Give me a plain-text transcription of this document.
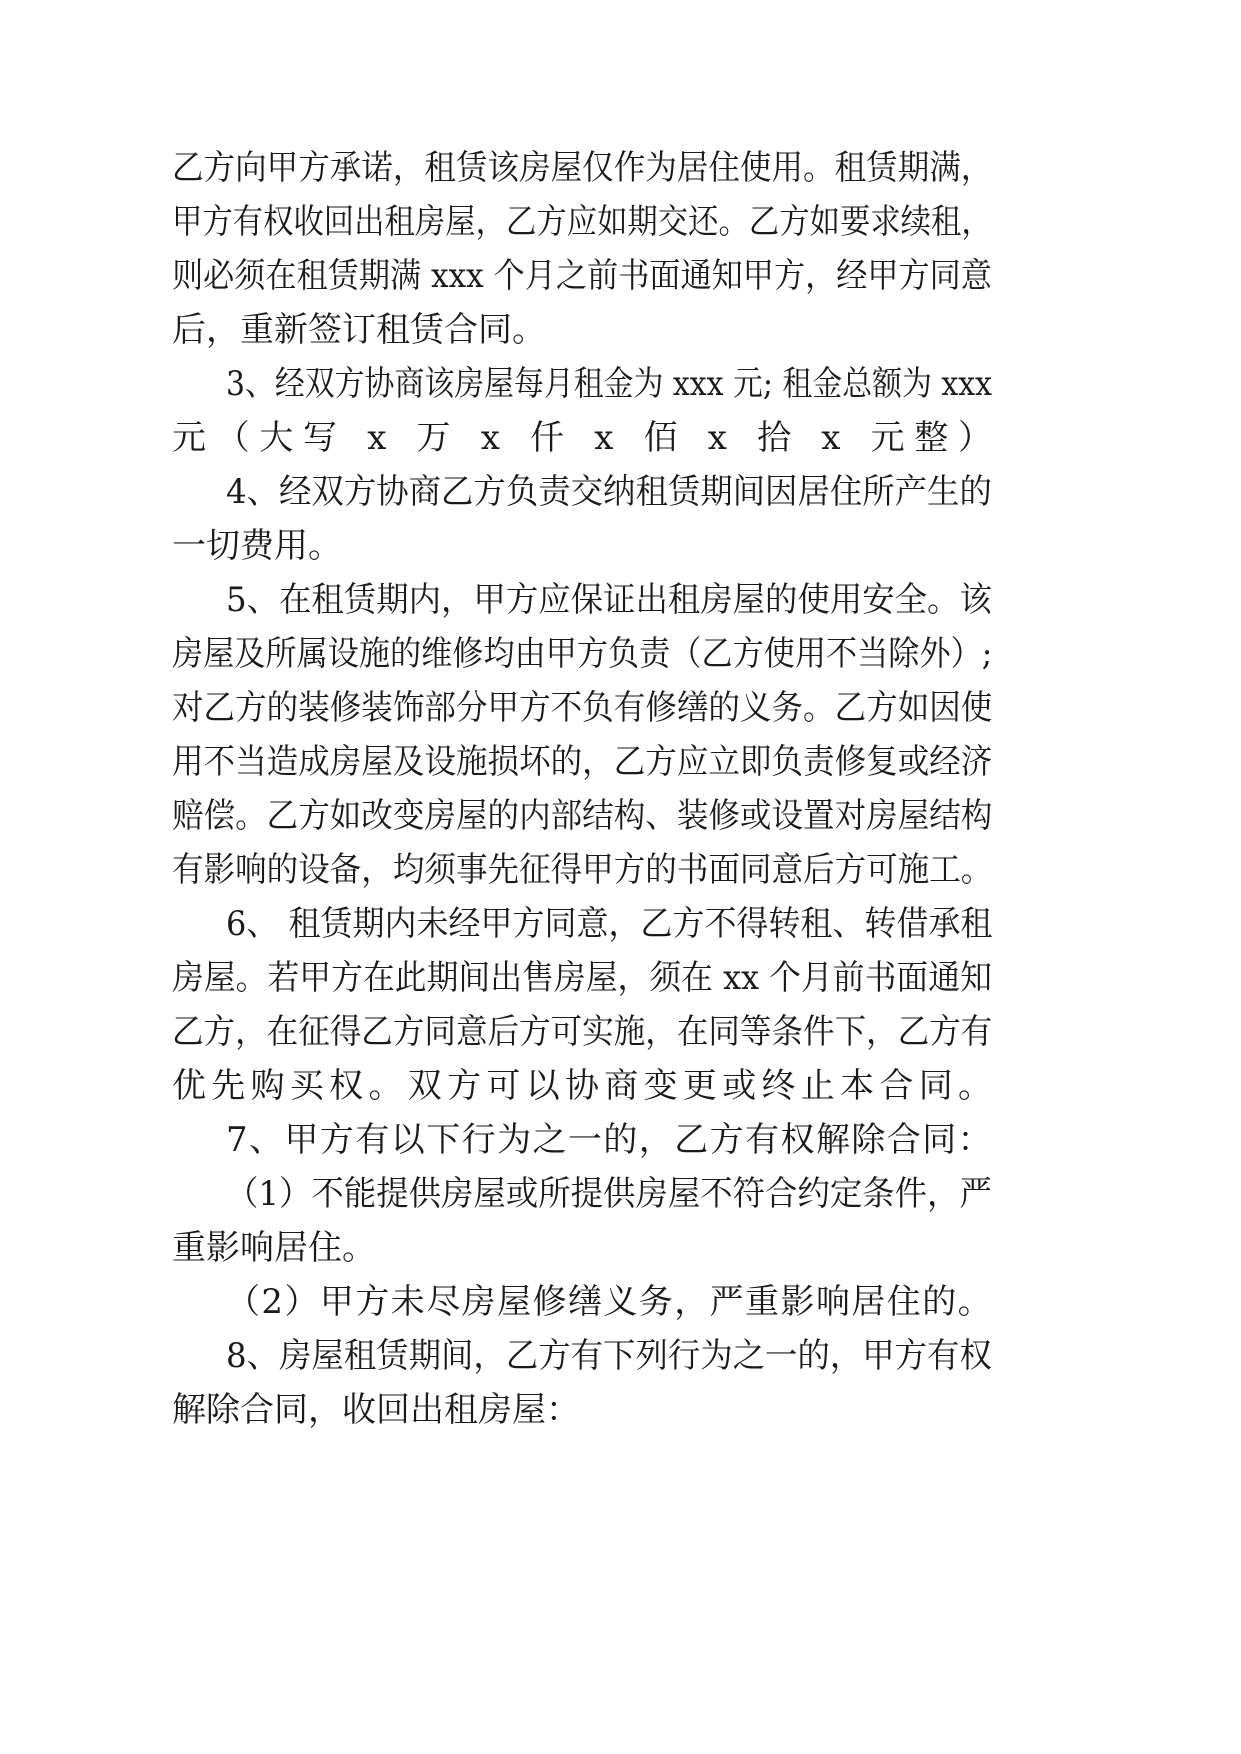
乙方向甲方承诺，租赁该房屋仅作为居住使用。租赁期满，

甲方有权收回出租房屋，乙方应如期交还。乙方如要求续租，

则必须在租赁期满 xxx 个月之前书面通知甲方，经甲方同意

后，重新签订租赁合同。

3、经双方协商该房屋每月租金为 xxx 元; 租金总额为 xxx

元（大写 x 万 x 仟 x 佰 x 拾 x 元整）

4、经双方协商乙方负责交纳租赁期间因居住所产生的

一切费用。

5、在租赁期内，甲方应保证出租房屋的使用安全。该

房屋及所属设施的维修均由甲方负责（乙方使用不当除外）;

对乙方的装修装饰部分甲方不负有修缮的义务。乙方如因使

用不当造成房屋及设施损坏的，乙方应立即负责修复或经济

赔偿。乙方如改变房屋的内部结构、装修或设置对房屋结构

有影响的设备，均须事先征得甲方的书面同意后方可施工。

6、 租赁期内未经甲方同意，乙方不得转租、转借承租

房屋。若甲方在此期间出售房屋，须在 xx 个月前书面通知

乙方，在征得乙方同意后方可实施，在同等条件下，乙方有

优先购买权。双方可以协商变更或终止本合同。

7、甲方有以下行为之一的，乙方有权解除合同：

（1）不能提供房屋或所提供房屋不符合约定条件，严

重影响居住。

（2）甲方未尽房屋修缮义务，严重影响居住的。

8、房屋租赁期间，乙方有下列行为之一的，甲方有权

解除合同，收回出租房屋：
